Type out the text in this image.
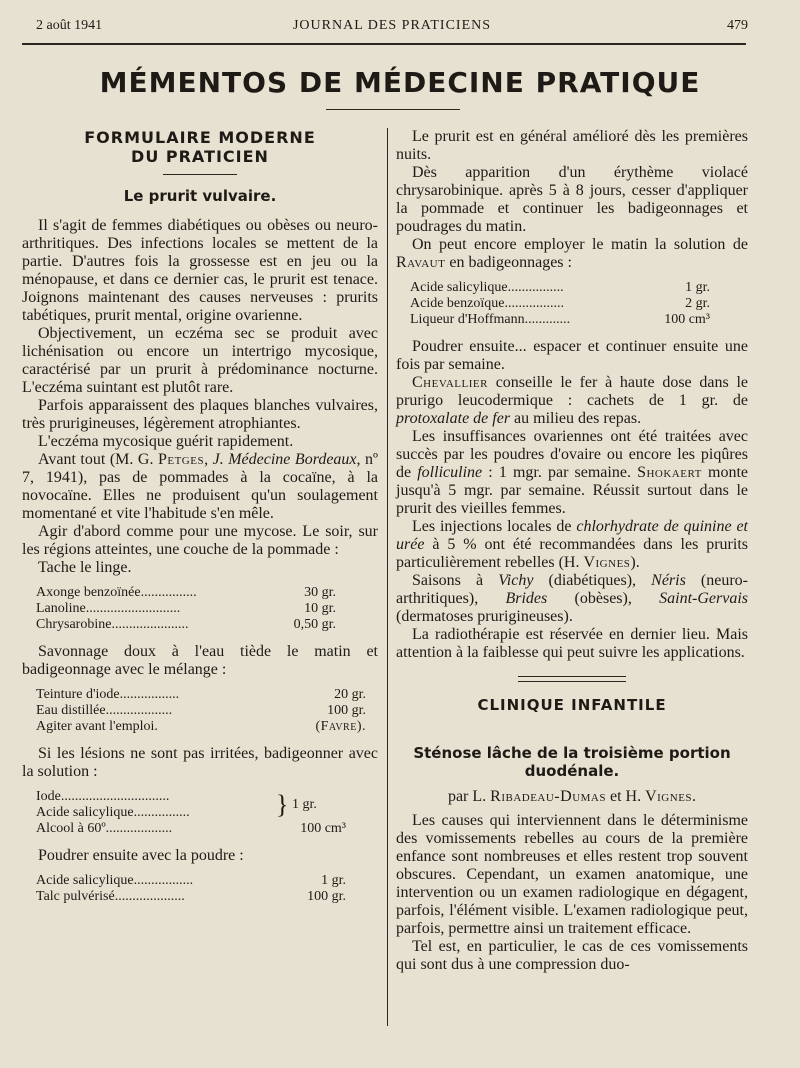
2 août 1941	JOURNAL DES PRATICIENS	479
MÉMENTOS DE MÉDECINE PRATIQUE

FORMULAIRE MODERNE

DU PRATICIEN

Le prurit vulvaire.

Il s'agit de femmes diabétiques ou obèses ou neuro-arthritiques. Des infections locales se mettent de la partie. D'autres fois la grossesse est en jeu ou la ménopause, et dans ce dernier cas, le prurit est tenace. Joignons maintenant des causes nerveuses : prurits tabétiques, prurit mental, origine ovarienne.

Objectivement, un eczéma sec se produit avec lichénisation ou encore un intertrigo mycosique, caractérisé par un prurit à prédominance nocturne. L'eczéma suintant est plutôt rare.

Parfois apparaissent des plaques blanches vulvaires, très prurigineuses, légèrement atrophiantes.

L'eczéma mycosique guérit rapidement.

Avant tout (M. G. Petges, J. Médecine Bordeaux, nº 7, 1941), pas de pommades à la cocaïne, à la novocaïne. Elles ne produisent qu'un soulagement momentané et vite l'habitude s'en mêle.

Agir d'abord comme pour une mycose. Le soir, sur les régions atteintes, une couche de la pommade :

Tache le linge.

Axonge benzoïnée................	30 gr.
Lanoline...........................	10 gr.
Chrysarobine......................	0,50 gr.

Savonnage doux à l'eau tiède le matin et badigeonnage avec le mélange :

Teinture d'iode.................	20 gr.
Eau distillée...................	100 gr.
Agiter avant l'emploi.	(Favre).

Si les lésions ne sont pas irritées, badigeonner avec la solution :

Iode...............................	} 1 gr.
Acide salicylique................	
Alcool à 60º...................	100 cm³

Poudrer ensuite avec la poudre :

Acide salicylique.................	1 gr.
Talc pulvérisé....................	100 gr.

Le prurit est en général amélioré dès les premières nuits.

Dès apparition d'un érythème violacé chrysarobinique. après 5 à 8 jours, cesser d'appliquer la pommade et continuer les badigeonnages et poudrages du matin.

On peut encore employer le matin la solution de Ravaut en badigeonnages :

Acide salicylique................	1 gr.
Acide benzoïque.................	2 gr.
Liqueur d'Hoffmann.............	100 cm³

Poudrer ensuite... espacer et continuer ensuite une fois par semaine.

Chevallier conseille le fer à haute dose dans le prurigo leucodermique : cachets de 1 gr. de protoxalate de fer au milieu des repas.

Les insuffisances ovariennes ont été traitées avec succès par les poudres d'ovaire ou encore les piqûres de folliculine : 1 mgr. par semaine. Shokaert monte jusqu'à 5 mgr. par semaine. Réussit surtout dans le prurit des vieilles femmes.

Les injections locales de chlorhydrate de quinine et urée à 5 % ont été recommandées dans les prurits particulièrement rebelles (H. Vignes).

Saisons à Vichy (diabétiques), Néris (neuro-arthritiques), Brides (obèses), Saint-Gervais (dermatoses prurigineuses).

La radiothérapie est réservée en dernier lieu. Mais attention à la faiblesse qui peut suivre les applications.

CLINIQUE INFANTILE

Sténose lâche de la troisième portion duodénale.

par L. Ribadeau-Dumas et H. Vignes.

Les causes qui interviennent dans le déterminisme des vomissements rebelles au cours de la première enfance sont nombreuses et elles restent trop souvent obscures. Cependant, un examen anatomique, une intervention ou un examen radiologique en dégagent, parfois, l'élément visible. L'examen radiologique peut, parfois, permettre ainsi un traitement efficace.

Tel est, en particulier, le cas de ces vomissements qui sont dus à une compression duo-
